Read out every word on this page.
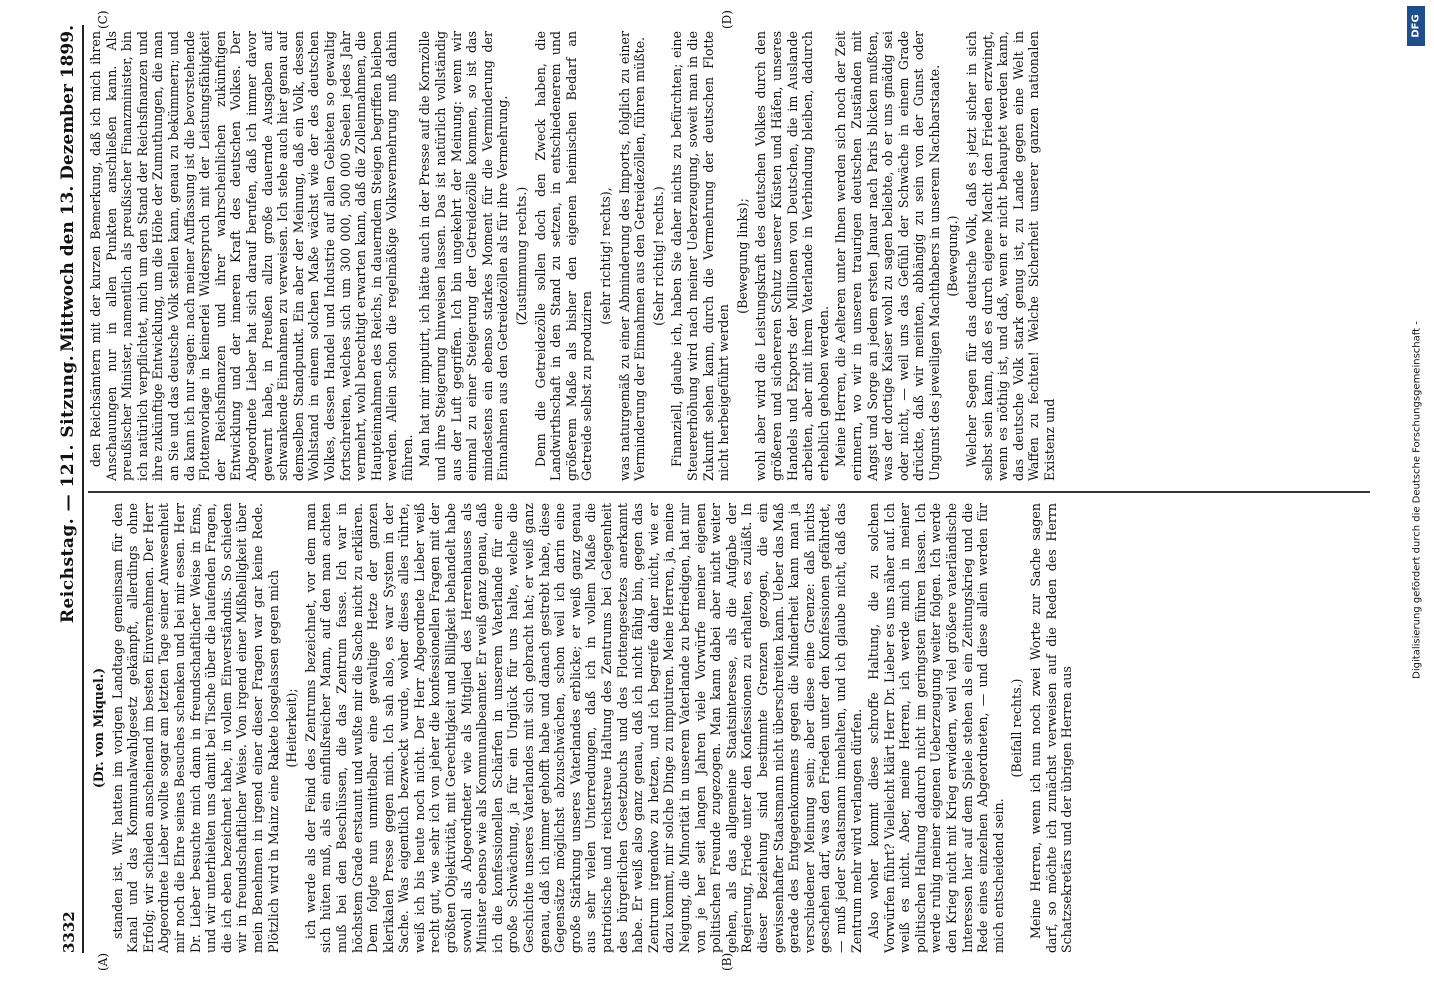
3332
Reichstag. — 121. Sitzung.
Mittwoch den 13. Dezember 1899.

(Dr. von Miquel.) standen ist. Wir hatten im vorigen Landtage gemeinsam für den Kanal und das Kommunalwahlgesetz gekämpft, allerdings ohne Erfolg; wir schieden anscheinend im besten Einvernehmen. Der Herr Abgeordnete Lieber wollte sogar am letzten Tage seiner Anwesenheit mir noch die Ehre seines Besuches schenken und bei mir essen. Herr Dr. Lieber besuchte mich dann in freundschaftlicher Weise in Ems, und wir unterhielten uns damit bei Tische über die laufenden Fragen, die ich eben bezeichnet habe, in vollem Einverständnis. So schieden wir in freundschaftlicher Weise. Von irgend einer Mißhelligkeit über mein Benehmen in irgend einer dieser Fragen war gar keine Rede. Plötzlich wird in Mainz eine Rakete losgelassen gegen mich (Heiterkeit); ich werde als der Feind des Zentrums bezeichnet, vor dem man sich hüten muß, als ein einflußreicher Mann, auf den man achten muß bei den Beschlüssen, die das Zentrum fasse. Ich war in höchstem Grade erstaunt und wußte mir die Sache nicht zu erklären. Dem folgte nun unmittelbar eine gewaltige Hetze der ganzen klerikalen Presse gegen mich. Ich sah also, es war System in der Sache. Was eigentlich bezweckt wurde, woher dieses alles rührte, weiß ich bis heute noch nicht. Der Herr Abgeordnete Lieber weiß recht gut, wie sehr ich von jeher die konfessionellen Fragen mit der größten Objektivität, mit Gerechtigkeit und Billigkeit behandelt habe sowohl als Abgeordneter wie als Mitglied des Herrenhauses als Minister ebenso wie als Kommunalbeamter. Er weiß ganz genau, daß ich die konfessionellen Schärfen in unserem Vaterlande für eine große Schwächung, ja für ein Unglück für uns halte, welche die Geschichte unseres Vaterlandes mit sich gebracht hat; er weiß ganz genau, daß ich immer gehofft habe und danach gestrebt habe, diese Gegensätze möglichst abzuschwächen, schon weil ich darin eine große Stärkung unseres Vaterlandes erblicke; er weiß ganz genau aus sehr vielen Unterredungen, daß ich in vollem Maße die patriotische und reichstreue Haltung des Zentrums bei Gelegenheit des bürgerlichen Gesetzbuchs und des Flottengesetzes anerkannt habe. Er weiß also ganz genau, daß ich nicht fähig bin, gegen das Zentrum irgendwo zu hetzen, und ich begreife daher nicht, wie er dazu kommt, mir solche Dinge zu imputiren. Meine Herren, ja, meine Neigung, die Minorität in unserem Vaterlande zu befriedigen, hat mir von je her seit langen Jahren viele Vorwürfe meiner eigenen politischen Freunde zugezogen. Man kann dabei aber nicht weiter gehen, als das allgemeine Staatsinteresse, als die Aufgabe der Regierung, Friede unter den Konfessionen zu erhalten, es zuläßt. In dieser Beziehung sind bestimmte Grenzen gezogen, die ein gewissenhafter Staatsmann nicht überschreiten kann. Ueber das Maß gerade des Entgegenkommens gegen die Minderheit kann man ja verschiedener Meinung sein; aber diese eine Grenze: daß nichts geschehen darf, was den Frieden unter den Konfessionen gefährdet, — muß jeder Staatsmann innehalten, und ich glaube nicht, daß das Zentrum mehr wird verlangen dürfen. Also woher kommt diese schroffe Haltung, die zu solchen Vorwürfen führt? Vielleicht klärt Herr Dr. Lieber es uns näher auf. Ich weiß es nicht. Aber, meine Herren, ich werde mich in meiner politischen Haltung dadurch nicht im geringsten führen lassen. Ich werde ruhig meiner eigenen Ueberzeugung weiter folgen. Ich werde den Krieg nicht mit Krieg erwidern, weil viel größere vaterländische Interessen hier auf dem Spiele stehen als ein Zeitungskrieg und die Rede eines einzelnen Abgeordneten, — und diese allein werden für mich entscheidend sein.

(Beifall rechts.) Meine Herren, wenn ich nun noch zwei Worte zur Sache sagen darf, so möchte ich zunächst verweisen auf die Reden des Herrn Schatzsekretärs und der übrigen Herren aus

den Reichsämtern mit der kurzen Bemerkung, daß ich mich ihren Anschauungen nur in allen Punkten anschließen kann. Als preußischer Minister, namentlich als preußischer Finanzminister, bin ich natürlich verpflichtet, mich um den Stand der Reichsfinanzen und ihre zukünftige Entwicklung, um die Höhe der Zumuthungen, die man an Sie und das deutsche Volk stellen kann, genau zu bekümmern; und da kann ich nur sagen: nach meiner Auffassung ist die bevorstehende Flottenvorlage in keinerlei Widerspruch mit der Leistungsfähigkeit der Reichsfinanzen und ihrer wahrscheinlichen zukünftigen Entwicklung und der inneren Kraft des deutschen Volkes. Der Abgeordnete Lieber hat sich darauf berufen, daß ich immer davor gewarnt habe, in Preußen allzu große dauernde Ausgaben auf schwankende Einnahmen zu verweisen. Ich stehe auch hier genau auf demselben Standpunkt. Ein aber der Meinung, daß ein Volk, dessen Wohlstand in einem solchen Maße wächst wie der des deutschen Volkes, dessen Handel und Industrie auf allen Gebieten so gewaltig fortschreiten, welches sich um 300 000, 500 000 Seelen jedes Jahr vermehrt, wohl berechtigt erwarten kann, daß die Zolleinnahmen, die Haupteinnahmen des Reichs, in dauerndem Steigen begriffen bleiben werden. Allein schon die regelmäßige Volksvermehrung muß dahin führen. Man hat mir imputirt, ich hätte auch in der Presse auf die Kornzölle und ihre Steigerung hinweisen lassen. Das ist natürlich vollständig aus der Luft gegriffen. Ich bin ungekehrt der Meinung: wenn wir einmal zu einer Steigerung der Getreidezölle kommen, so ist das mindestens ein ebenso starkes Moment für die Verminderung der Einnahmen aus den Getreidezöllen als für ihre Vermehrung. (Zustimmung rechts.) Denn die Getreidezölle sollen doch den Zweck haben, die Landwirthschaft in den Stand zu setzen, in entschiedenerem und größerem Maße als bisher den eigenen heimischen Bedarf an Getreide selbst zu produziren

(sehr richtig! rechts), was naturgemäß zu einer Abminderung des Imports, folglich zu einer Verminderung der Einnahmen aus den Getreidezöllen, führen müßte. (Sehr richtig! rechts.) Finanziell, glaube ich, haben Sie daher nichts zu befürchten; eine Steuererhöhung wird nach meiner Ueberzeugung, soweit man in die Zukunft sehen kann, durch die Vermehrung der deutschen Flotte nicht herbeigeführt werden

(Bewegung links); wohl aber wird die Leistungskraft des deutschen Volkes durch den größeren und sichereren Schutz unserer Küsten und Häfen, unseres Handels und Exports der Millionen von Deutschen, die im Auslande arbeiten, aber mit ihrem Vaterlande in Verbindung bleiben, dadurch erheblich gehoben werden. Meine Herren, die Aelteren unter Ihnen werden sich noch der Zeit erinnern, wo wir in unseren traurigen deutschen Zuständen mit Angst und Sorge an jedem ersten Januar nach Paris blicken mußten, was der dortige Kaiser wohl zu sagen beliebte, ob er uns gnädig sei oder nicht, — weil uns das Gefühl der Schwäche in einem Grade drückte, daß wir meinten, abhängig zu sein von der Gunst oder Ungunst des jeweiligen Machthabers in unserem Nachbarstaate. (Bewegung.) Welcher Segen für das deutsche Volk, daß es jetzt sicher in sich selbst sein kann, daß es durch eigene Macht den Frieden erzwingt, wenn es nöthig ist, und daß, wenn er nicht behauptet werden kann, das deutsche Volk stark genug ist, zu Lande gegen eine Welt in Waffen zu fechten! Welche Sicherheit unserer ganzen nationalen Existenz und

(A)	(B)
(C)	(D)	DFG
Digitalisierung gefördert durch die Deutsche Forschungsgemeinschaft -
